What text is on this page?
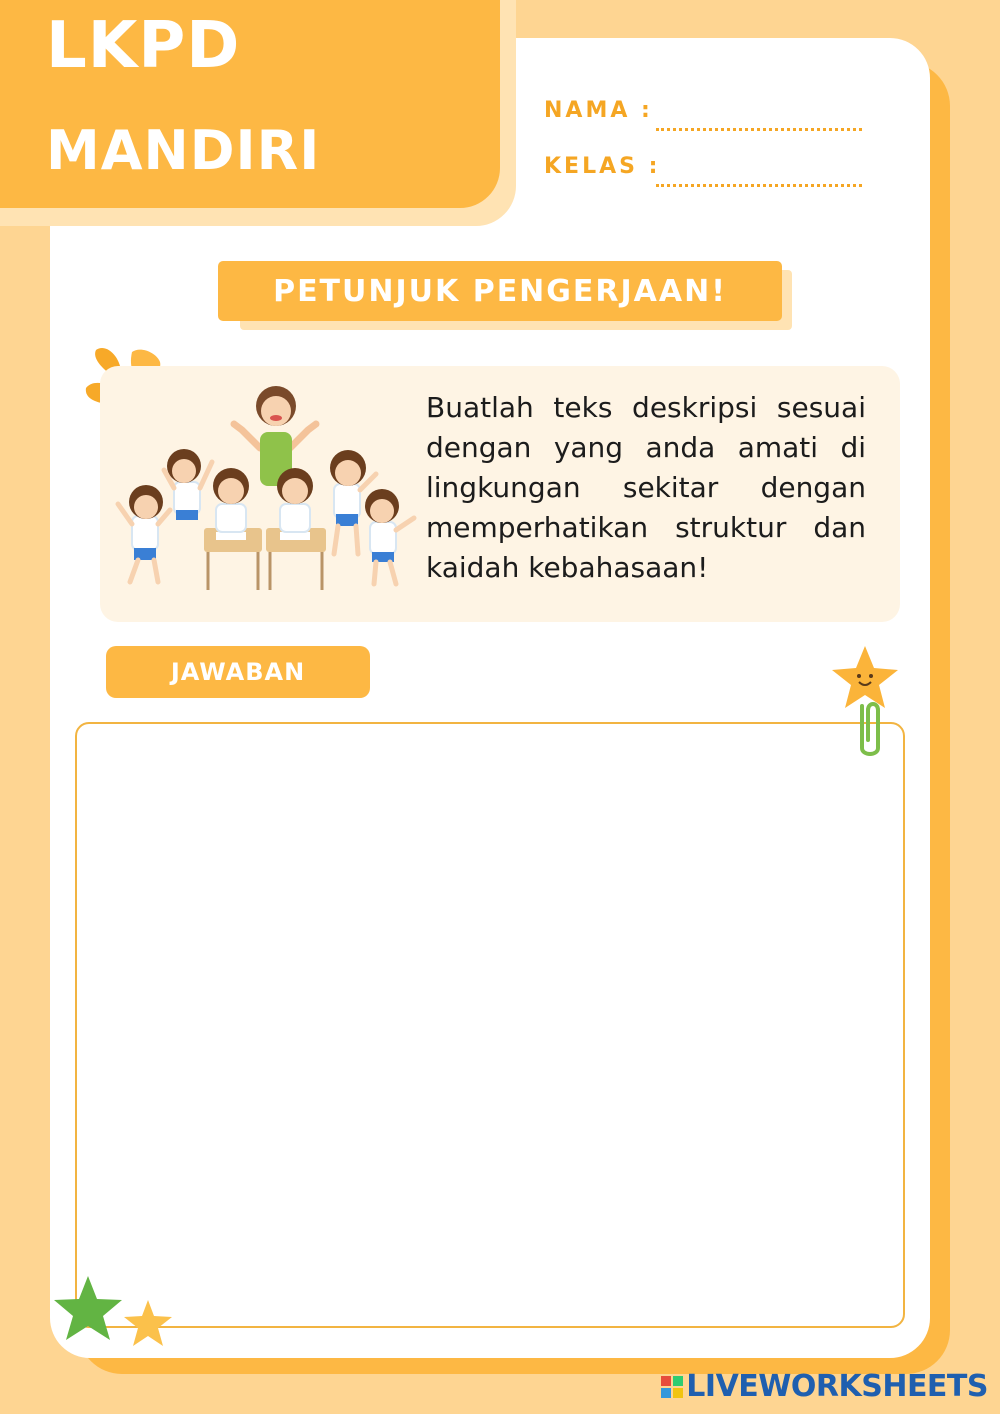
LKPD
MANDIRI
NAMA :
KELAS :
PETUNJUK PENGERJAAN!
Buatlah teks deskripsi sesuai dengan yang anda amati di lingkungan sekitar dengan memperhatikan struktur dan kaidah kebahasaan!
JAWABAN
LIVEWORKSHEETS
